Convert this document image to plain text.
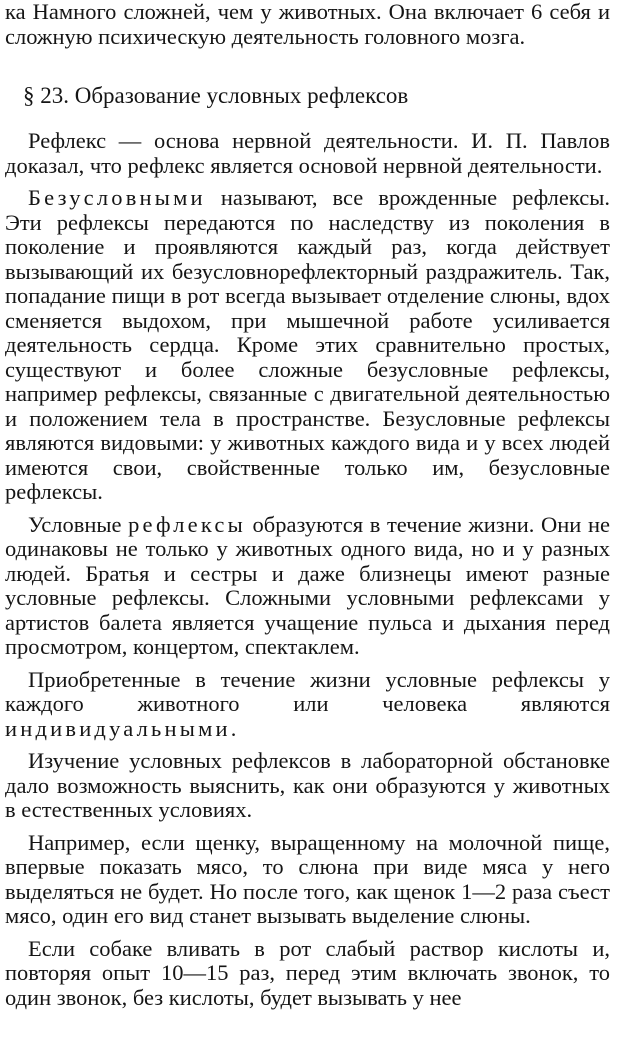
ка Намного сложней, чем у животных. Она включает 6 себя и сложную психическую деятельность головного мозга.

§ 23. Образование условных рефлексов

Рефлекс — основа нервной деятельности. И. П. Павлов доказал, что рефлекс является основой нервной деятельности.

Безусловными называют, все врожденные рефлексы. Эти рефлексы передаются по наследству из поколения в поколение и проявляются каждый раз, когда действует вызывающий их безусловнорефлекторный раздражитель. Так, попадание пищи в рот всегда вызывает отделение слюны, вдох сменяется выдохом, при мышечной работе усиливается деятельность сердца. Кроме этих сравнительно простых, существуют и более сложные безусловные рефлексы, например рефлексы, связанные с двигательной деятельностью и положением тела в пространстве. Безусловные рефлексы являются видовыми: у животных каждого вида и у всех людей имеются свои, свойственные только им, безусловные рефлексы.

Условные рефлексы образуются в течение жизни. Они не одинаковы не только у животных одного вида, но и у разных людей. Братья и сестры и даже близнецы имеют разные условные рефлексы. Сложными условными рефлексами у артистов балета является учащение пульса и дыхания перед просмотром, концертом, спектаклем.

Приобретенные в течение жизни условные рефлексы у каждого животного или человека являются индивидуальными.

Изучение условных рефлексов в лабораторной обстановке дало возможность выяснить, как они образуются у животных в естественных условиях.

Например, если щенку, выращенному на молочной пище, впервые показать мясо, то слюна при виде мяса у него выделяться не будет. Но после того, как щенок 1—2 раза съест мясо, один его вид станет вызывать выделение слюны.

Если собаке вливать в рот слабый раствор кислоты и, повторяя опыт 10—15 раз, перед этим включать звонок, то один звонок, без кислоты, будет вызывать у нее
